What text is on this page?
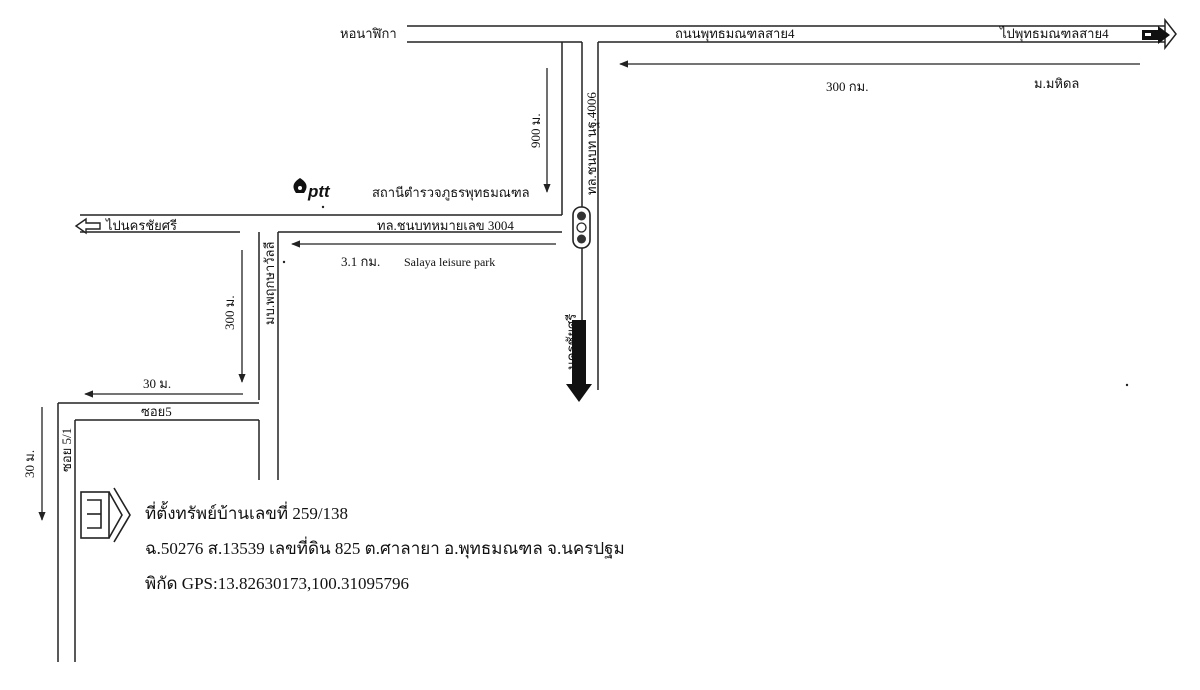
ptt
หอนาฬิกา	ถนนพุทธมณฑลสาย4	ไปพุทธมณฑลสาย4
ม.มหิดล
300 กม.
900 ม.	ทล.ชนบท นฐ.4006
สถานีตำรวจภูธรพุทธมณฑล
ไปนครชัยศรี	ทล.ชนบทหมายเลข 3004
3.1 กม. Salaya leisure park
นครชัยศรี
มบ.พฤกษาวัลลี
300 ม.
30 ม.
ซอย5
ซอย 5/1
30 ม.
ที่ตั้งทรัพย์บ้านเลขที่ 259/138
ฉ.50276 ส.13539 เลขที่ดิน 825 ต.ศาลายา อ.พุทธมณฑล จ.นครปฐม
พิกัด GPS:13.82630173,100.31095796
